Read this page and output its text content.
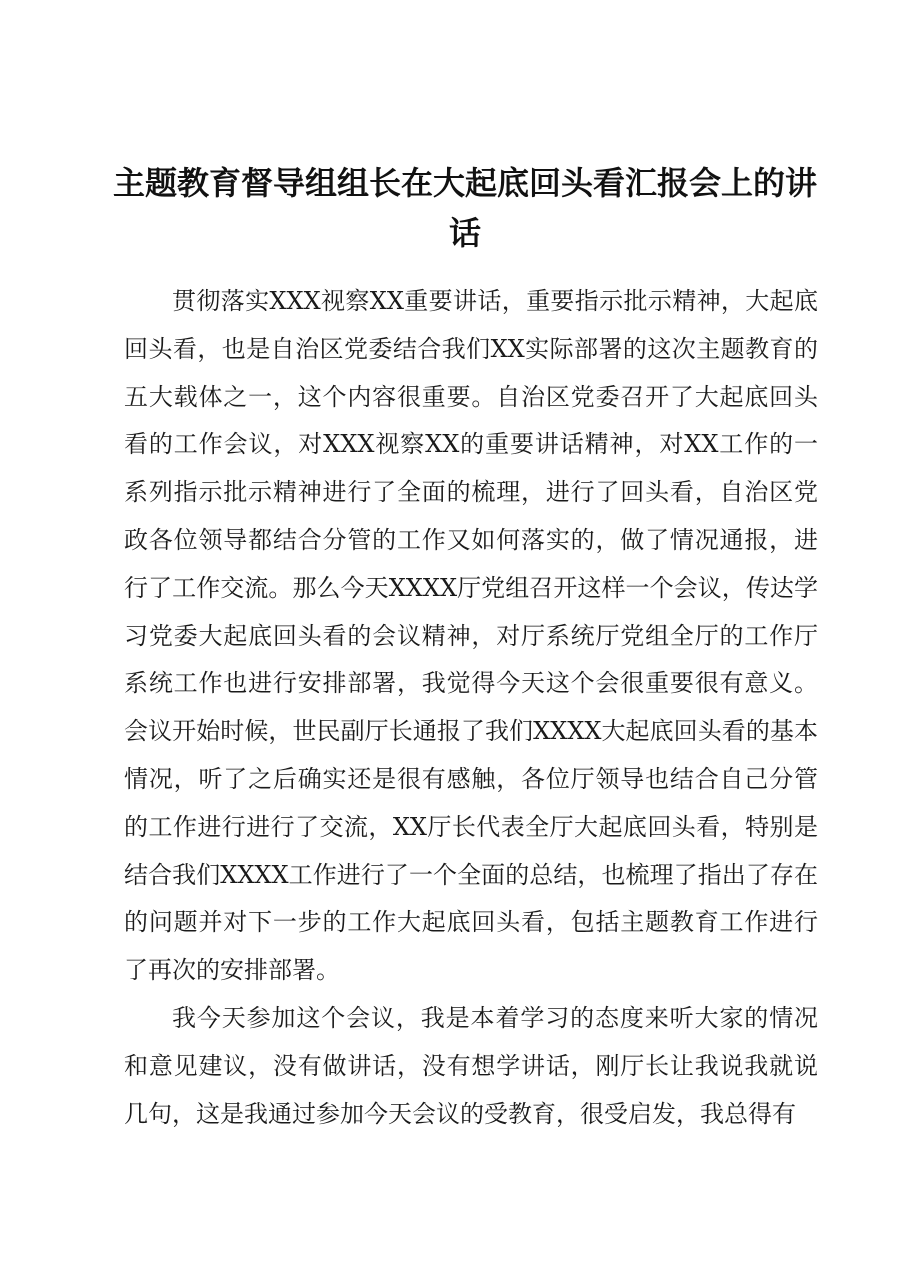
主题教育督导组组长在大起底回头看汇报会上的讲话

贯彻落实XXX视察XX重要讲话，重要指示批示精神，大起底回头看，也是自治区党委结合我们XX实际部署的这次主题教育的五大载体之一，这个内容很重要。自治区党委召开了大起底回头看的工作会议，对XXX视察XX的重要讲话精神，对XX工作的一系列指示批示精神进行了全面的梳理，进行了回头看，自治区党政各位领导都结合分管的工作又如何落实的，做了情况通报，进行了工作交流。那么今天XXXX厅党组召开这样一个会议，传达学习党委大起底回头看的会议精神，对厅系统厅党组全厅的工作厅系统工作也进行安排部署，我觉得今天这个会很重要很有意义。会议开始时候，世民副厅长通报了我们XXXX大起底回头看的基本情况，听了之后确实还是很有感触，各位厅领导也结合自己分管的工作进行进行了交流，XX厅长代表全厅大起底回头看，特别是结合我们XXXX工作进行了一个全面的总结，也梳理了指出了存在的问题并对下一步的工作大起底回头看，包括主题教育工作进行了再次的安排部署。

我今天参加这个会议，我是本着学习的态度来听大家的情况和意见建议，没有做讲话，没有想学讲话，刚厅长让我说我就说几句，这是我通过参加今天会议的受教育，很受启发，我总得有
